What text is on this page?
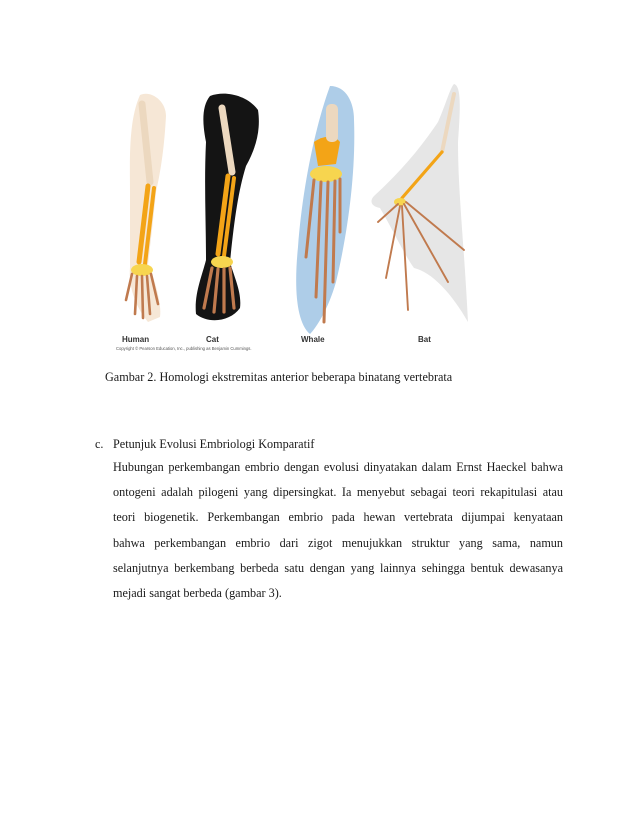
Human	Cat	Whale	Bat
Copyright © Pearson Education, Inc., publishing as Benjamin Cummings.
Gambar 2. Homologi ekstremitas anterior beberapa binatang vertebrata
c. Petunjuk Evolusi Embriologi Komparatif
Hubungan perkembangan embrio dengan evolusi dinyatakan dalam Ernst Haeckel bahwa
ontogeni adalah pilogeni yang dipersingkat. Ia menyebut sebagai teori rekapitulasi atau
teori biogenetik. Perkembangan embrio pada hewan vertebrata dijumpai kenyataan
bahwa perkembangan embrio dari zigot menujukkan struktur yang sama, namun
selanjutnya berkembang berbeda satu dengan yang lainnya sehingga bentuk dewasanya
mejadi sangat berbeda (gambar 3).
